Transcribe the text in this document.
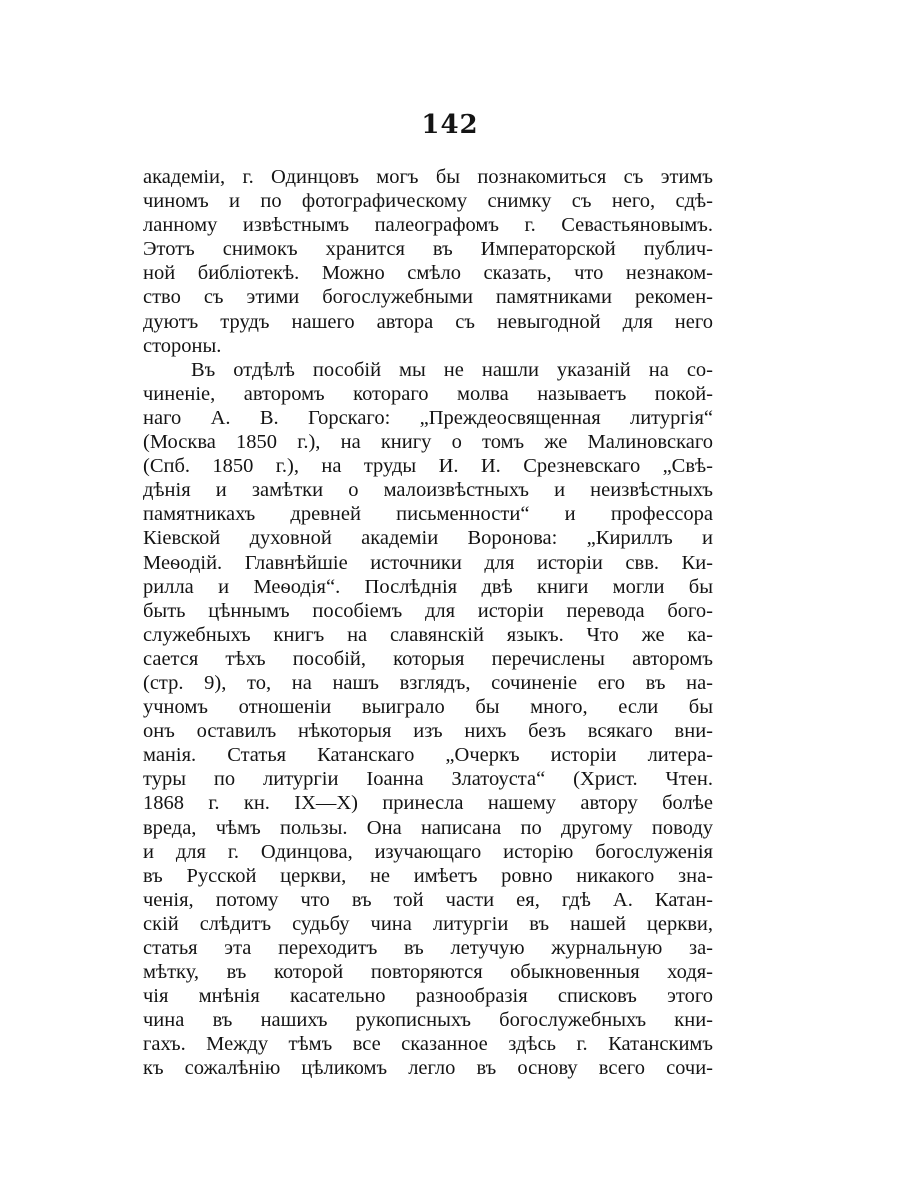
142
академіи, г. Одинцовъ могъ бы познакомиться съ этимъ
чиномъ и по фотографическому снимку съ него, сдѣ-
ланному извѣстнымъ палеографомъ г. Севастьяновымъ.
Этотъ снимокъ хранится въ Императорской публич-
ной библіотекѣ. Можно смѣло сказать, что незнаком-
ство съ этими богослужебными памятниками рекомен-
дуютъ трудъ нашего автора съ невыгодной для него
стороны.
Въ отдѣлѣ пособій мы не нашли указаній на со-
чиненіе, авторомъ котораго молва называетъ покой-
наго А. В. Горскаго: „Преждеосвященная литургія“
(Москва 1850 г.), на книгу о томъ же Малиновскаго
(Спб. 1850 г.), на труды И. И. Срезневскаго „Свѣ-
дѣнія и замѣтки о малоизвѣстныхъ и неизвѣстныхъ
памятникахъ древней письменности“ и профессора
Кіевской духовной академіи Воронова: „Кириллъ и
Меѳодій. Главнѣйшіе источники для исторіи свв. Ки-
рилла и Меѳодія“. Послѣднія двѣ книги могли бы
быть цѣннымъ пособіемъ для исторіи перевода бого-
служебныхъ книгъ на славянскій языкъ. Что же ка-
сается тѣхъ пособій, которыя перечислены авторомъ
(стр. 9), то, на нашъ взглядъ, сочиненіе его въ на-
учномъ отношеніи выиграло бы много, если бы
онъ оставилъ нѣкоторыя изъ нихъ безъ всякаго вни-
манія. Статья Катанскаго „Очеркъ исторіи литера-
туры по литургіи Іоанна Златоуста“ (Христ. Чтен.
1868 г. кн. IX—X) принесла нашему автору болѣе
вреда, чѣмъ пользы. Она написана по другому поводу
и для г. Одинцова, изучающаго исторію богослуженія
въ Русской церкви, не имѣетъ ровно никакого зна-
ченія, потому что въ той части ея, гдѣ А. Катан-
скій слѣдитъ судьбу чина литургіи въ нашей церкви,
статья эта переходитъ въ летучую журнальную за-
мѣтку, въ которой повторяются обыкновенныя ходя-
чія мнѣнія касательно разнообразія списковъ этого
чина въ нашихъ рукописныхъ богослужебныхъ кни-
гахъ. Между тѣмъ все сказанное здѣсь г. Катанскимъ
къ сожалѣнію цѣликомъ легло въ основу всего сочи-
